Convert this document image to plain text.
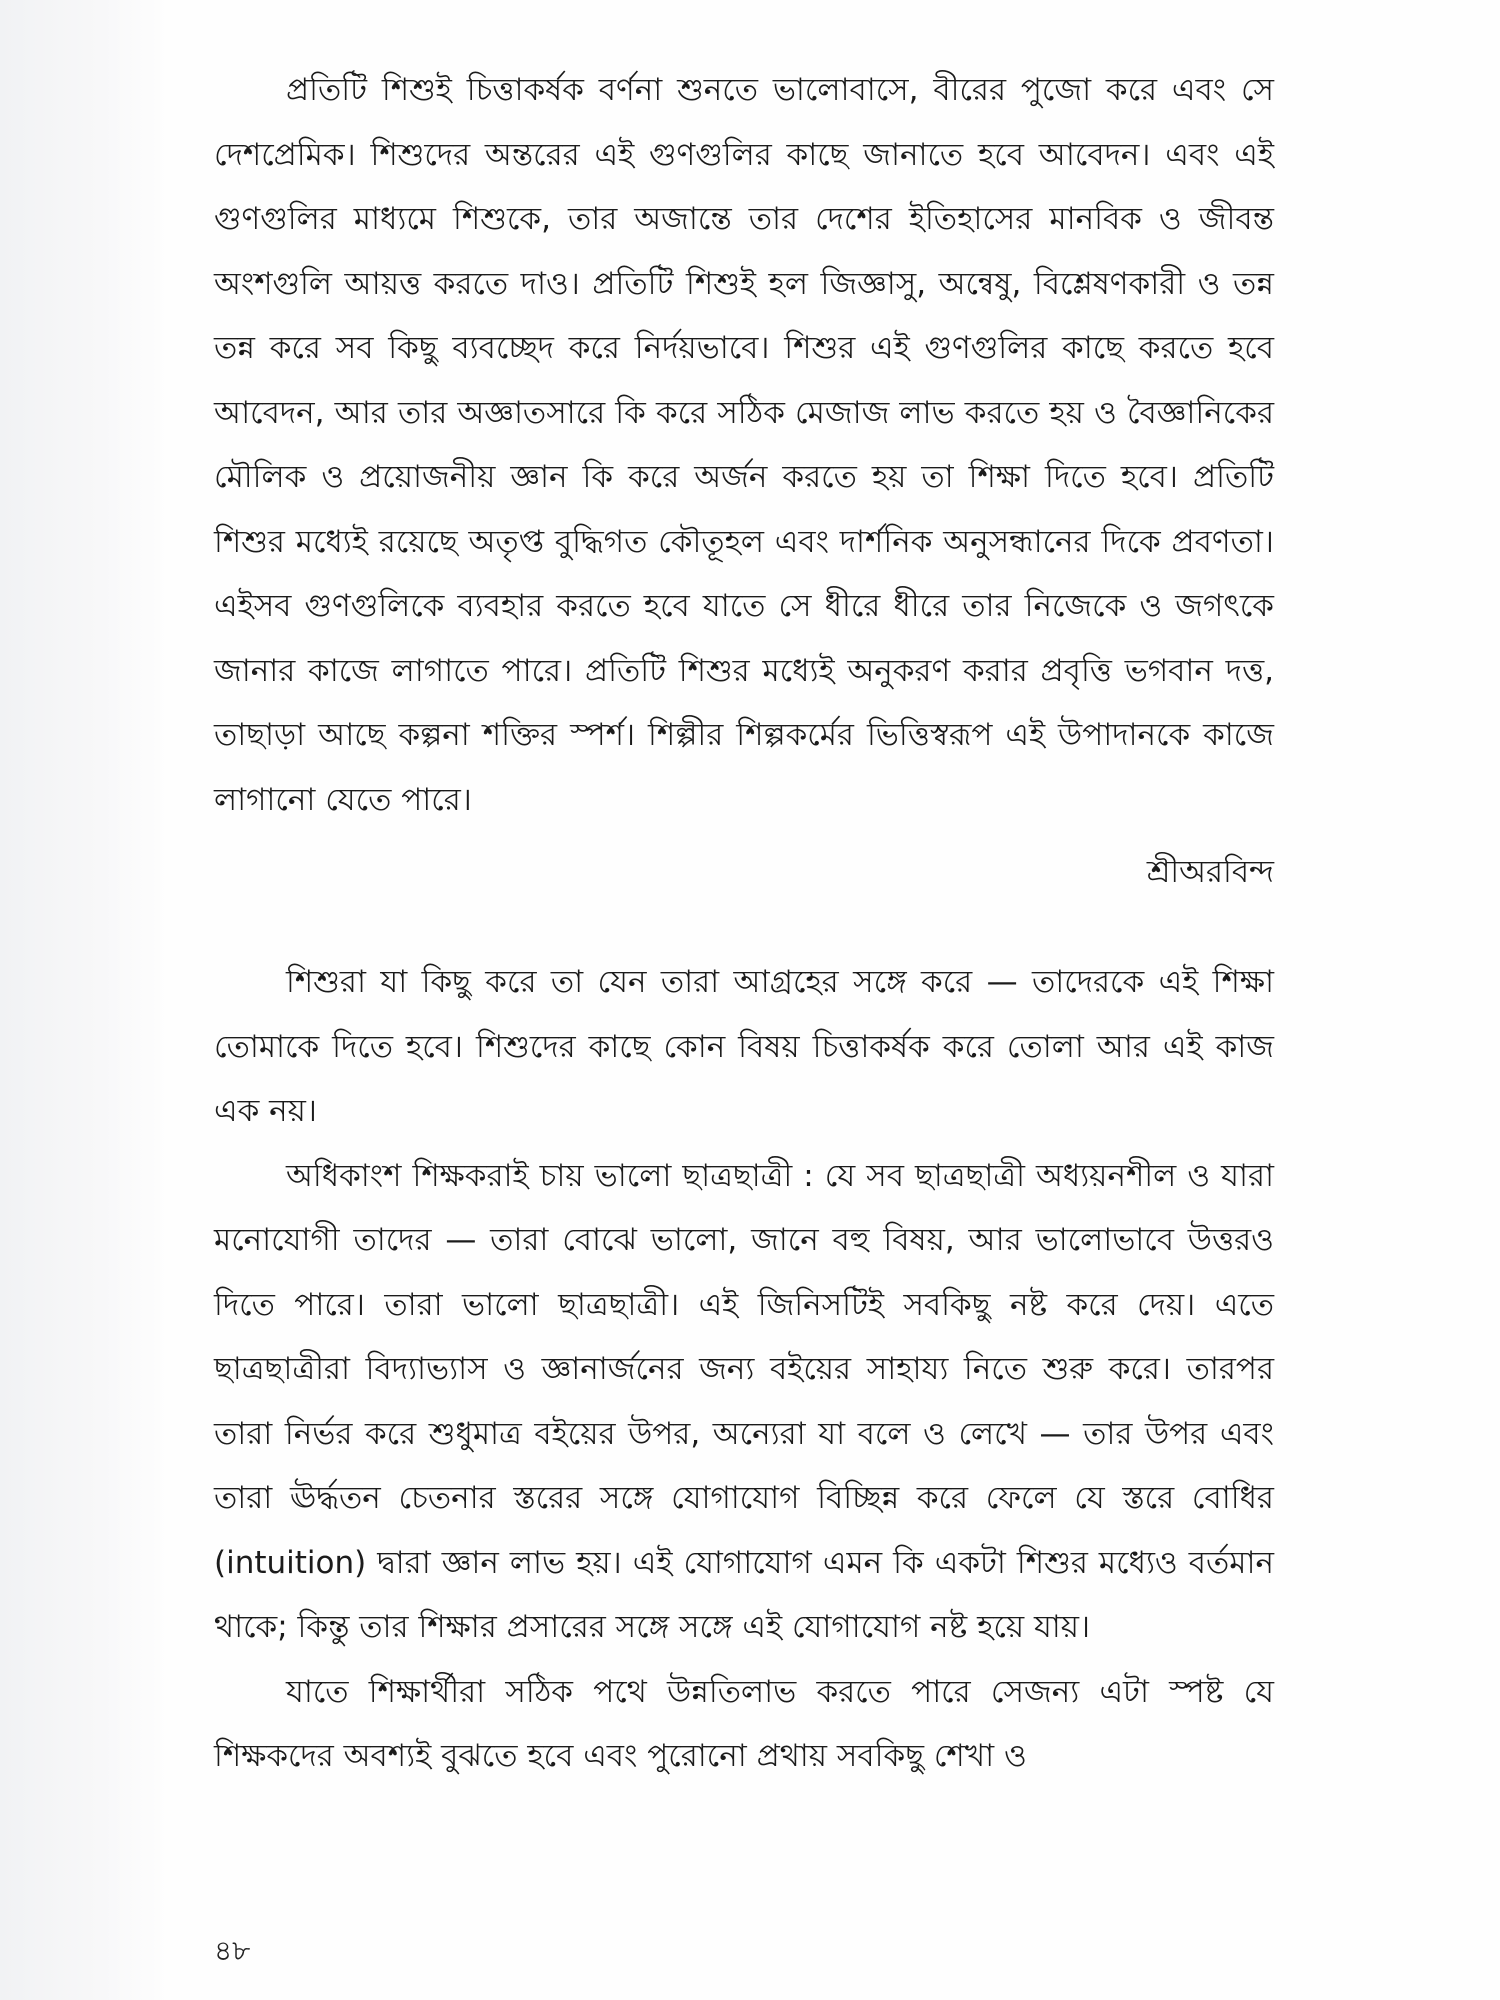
প্রতিটি শিশুই চিত্তাকর্ষক বর্ণনা শুনতে ভালোবাসে, বীরের পুজো করে এবং সে দেশপ্রেমিক। শিশুদের অন্তরের এই গুণগুলির কাছে জানাতে হবে আবেদন। এবং এই গুণগুলির মাধ্যমে শিশুকে, তার অজান্তে তার দেশের ইতিহাসের মানবিক ও জীবন্ত অংশগুলি আয়ত্ত করতে দাও। প্রতিটি শিশুই হল জিজ্ঞাসু, অন্বেষু, বিশ্লেষণকারী ও তন্ন তন্ন করে সব কিছু ব্যবচ্ছেদ করে নির্দয়ভাবে। শিশুর এই গুণগুলির কাছে করতে হবে আবেদন, আর তার অজ্ঞাতসারে কি করে সঠিক মেজাজ লাভ করতে হয় ও বৈজ্ঞানিকের মৌলিক ও প্রয়োজনীয় জ্ঞান কি করে অর্জন করতে হয় তা শিক্ষা দিতে হবে। প্রতিটি শিশুর মধ্যেই রয়েছে অতৃপ্ত বুদ্ধিগত কৌতূহল এবং দার্শনিক অনুসন্ধানের দিকে প্রবণতা। এইসব গুণগুলিকে ব্যবহার করতে হবে যাতে সে ধীরে ধীরে তার নিজেকে ও জগৎকে জানার কাজে লাগাতে পারে। প্রতিটি শিশুর মধ্যেই অনুকরণ করার প্রবৃত্তি ভগবান দত্ত, তাছাড়া আছে কল্পনা শক্তির স্পর্শ। শিল্পীর শিল্পকর্মের ভিত্তিস্বরূপ এই উপাদানকে কাজে লাগানো যেতে পারে।

শ্রীঅরবিন্দ

শিশুরা যা কিছু করে তা যেন তারা আগ্রহের সঙ্গে করে — তাদেরকে এই শিক্ষা তোমাকে দিতে হবে। শিশুদের কাছে কোন বিষয় চিত্তাকর্ষক করে তোলা আর এই কাজ এক নয়।

অধিকাংশ শিক্ষকরাই চায় ভালো ছাত্রছাত্রী : যে সব ছাত্রছাত্রী অধ্যয়নশীল ও যারা মনোযোগী তাদের — তারা বোঝে ভালো, জানে বহু বিষয়, আর ভালোভাবে উত্তরও দিতে পারে। তারা ভালো ছাত্রছাত্রী। এই জিনিসটিই সবকিছু নষ্ট করে দেয়। এতে ছাত্রছাত্রীরা বিদ্যাভ্যাস ও জ্ঞানার্জনের জন্য বইয়ের সাহায্য নিতে শুরু করে। তারপর তারা নির্ভর করে শুধুমাত্র বইয়ের উপর, অন্যেরা যা বলে ও লেখে — তার উপর এবং তারা ঊর্দ্ধতন চেতনার স্তরের সঙ্গে যোগাযোগ বিচ্ছিন্ন করে ফেলে যে স্তরে বোধির (intuition) দ্বারা জ্ঞান লাভ হয়। এই যোগাযোগ এমন কি একটা শিশুর মধ্যেও বর্তমান থাকে; কিন্তু তার শিক্ষার প্রসারের সঙ্গে সঙ্গে এই যোগাযোগ নষ্ট হয়ে যায়।

যাতে শিক্ষার্থীরা সঠিক পথে উন্নতিলাভ করতে পারে সেজন্য এটা স্পষ্ট যে শিক্ষকদের অবশ্যই বুঝতে হবে এবং পুরোনো প্রথায় সবকিছু শেখা ও

৪৮
